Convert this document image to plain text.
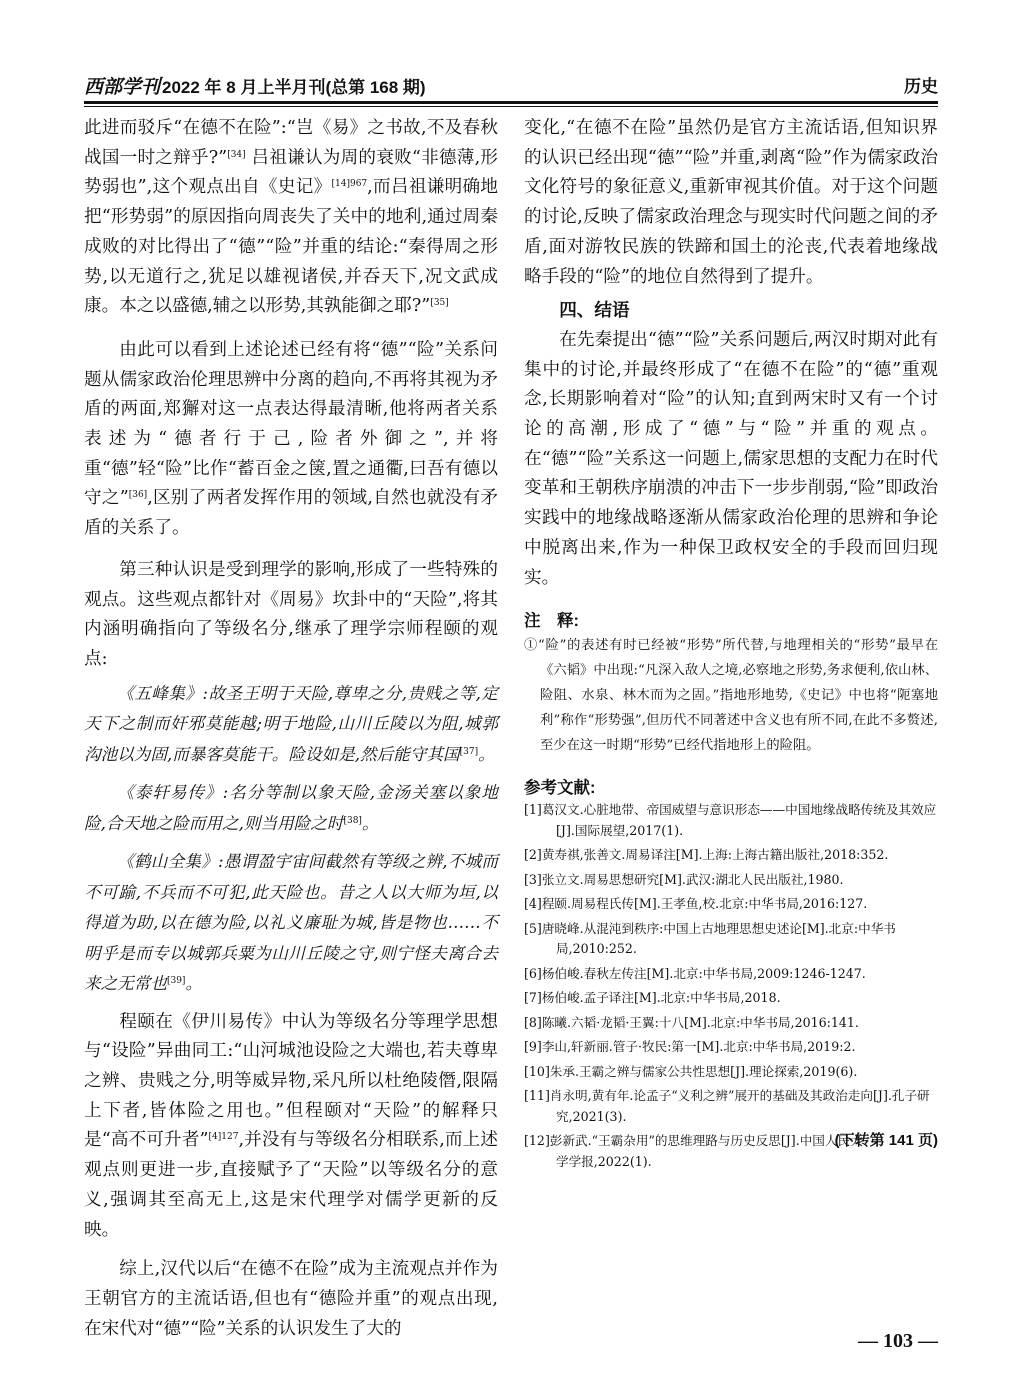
西部学刊 2022 年 8 月上半月刊(总第 168 期)	历史

此进而驳斥“在德不在险”:“岂《易》之书故,不及春秋战国一时之辩乎?”[34] 吕祖谦认为周的衰败“非德薄,形势弱也”,这个观点出自《史记》$^{[14]967}$,而吕祖谦明确地把“形势弱”的原因指向周丧失了关中的地利,通过周秦成败的对比得出了“德”“险”并重的结论:“秦得周之形势,以无道行之,犹足以雄视诸侯,并吞天下,况文武成康。本之以盛德,辅之以形势,其孰能御之耶?”[35]

由此可以看到上述论述已经有将“德”“险”关系问题从儒家政治伦理思辨中分离的趋向,不再将其视为矛盾的两面,郑獬对这一点表达得最清晰,他将两者关系表述为“德者行于己,险者外御之”,并将重“德”轻“险”比作“蓄百金之箧,置之通衢,曰吾有德以守之”[36],区别了两者发挥作用的领域,自然也就没有矛盾的关系了。

第三种认识是受到理学的影响,形成了一些特殊的观点。这些观点都针对《周易》坎卦中的“天险”,将其内涵明确指向了等级名分,继承了理学宗师程颐的观点:

《五峰集》:故圣王明于天险,尊卑之分,贵贱之等,定天下之制而奸邪莫能越;明于地险,山川丘陵以为阻,城郭沟池以为固,而暴客莫能干。险设如是,然后能守其国[37]。

《泰轩易传》:名分等制以象天险,金汤关塞以象地险,合天地之险而用之,则当用险之时[38]。

《鹤山全集》:愚谓盈宇宙间截然有等级之辨,不城而不可踰,不兵而不可犯,此天险也。昔之人以大师为垣,以得道为助,以在德为险,以礼义廉耻为城,皆是物也……不明乎是而专以城郭兵粟为山川丘陵之守,则宁怪夫离合去来之无常也[39]。

程颐在《伊川易传》中认为等级名分等理学思想与“设险”异曲同工:“山河城池设险之大端也,若夫尊卑之辨、贵贱之分,明等威异物,采凡所以杜绝陵僭,限隔上下者,皆体险之用也。”但程颐对“天险”的解释只是“高不可升者”$^{[4]127}$,并没有与等级名分相联系,而上述观点则更进一步,直接赋予了“天险”以等级名分的意义,强调其至高无上,这是宋代理学对儒学更新的反映。

综上,汉代以后“在德不在险”成为主流观点并作为王朝官方的主流话语,但也有“德险并重”的观点出现,在宋代对“德”“险”关系的认识发生了大的

变化,“在德不在险”虽然仍是官方主流话语,但知识界的认识已经出现“德”“险”并重,剥离“险”作为儒家政治文化符号的象征意义,重新审视其价值。对于这个问题的讨论,反映了儒家政治理念与现实时代问题之间的矛盾,面对游牧民族的铁蹄和国土的沦丧,代表着地缘战略手段的“险”的地位自然得到了提升。

四、结语

在先秦提出“德”“险”关系问题后,两汉时期对此有集中的讨论,并最终形成了“在德不在险”的“德”重观念,长期影响着对“险”的认知;直到两宋时又有一个讨论的高潮,形成了“德”与“险”并重的观点。在“德”“险”关系这一问题上,儒家思想的支配力在时代变革和王朝秩序崩溃的冲击下一步步削弱,“险”即政治实践中的地缘战略逐渐从儒家政治伦理的思辨和争论中脱离出来,作为一种保卫政权安全的手段而回归现实。

注　释:

①“险”的表述有时已经被“形势”所代替,与地理相关的“形势”最早在《六韬》中出现:“凡深入敌人之境,必察地之形势,务求便利,依山林、险阻、水泉、林木而为之固。”指地形地势,《史记》中也将“阨塞地利”称作“形势强”,但历代不同著述中含义也有所不同,在此不多赘述,至少在这一时期“形势”已经代指地形上的险阻。

参考文献:

[1]葛汉文.心脏地带、帝国威望与意识形态——中国地缘战略传统及其效应[J].国际展望,2017(1).

[2]黄寿祺,张善文.周易译注[M].上海:上海古籍出版社,2018:352.

[3]张立文.周易思想研究[M].武汉:湖北人民出版社,1980.

[4]程颐.周易程氏传[M].王孝鱼,校.北京:中华书局,2016:127.

[5]唐晓峰.从混沌到秩序:中国上古地理思想史述论[M].北京:中华书局,2010:252.

[6]杨伯峻.春秋左传注[M].北京:中华书局,2009:1246-1247.

[7]杨伯峻.孟子译注[M].北京:中华书局,2018.

[8]陈曦.六韬·龙韬·王翼:十八[M].北京:中华书局,2016:141.

[9]李山,轩新丽.管子·牧民:第一[M].北京:中华书局,2019:2.

[10]朱承.王霸之辨与儒家公共性思想[J].理论探索,2019(6).

[11]肖永明,黄有年.论孟子“义利之辨”展开的基础及其政治走向[J].孔子研究,2021(3).

(下转第 141 页)
[12]彭新武.“王霸杂用”的思维理路与历史反思[J].中国人民大学学报,2022(1).

— 103 —
